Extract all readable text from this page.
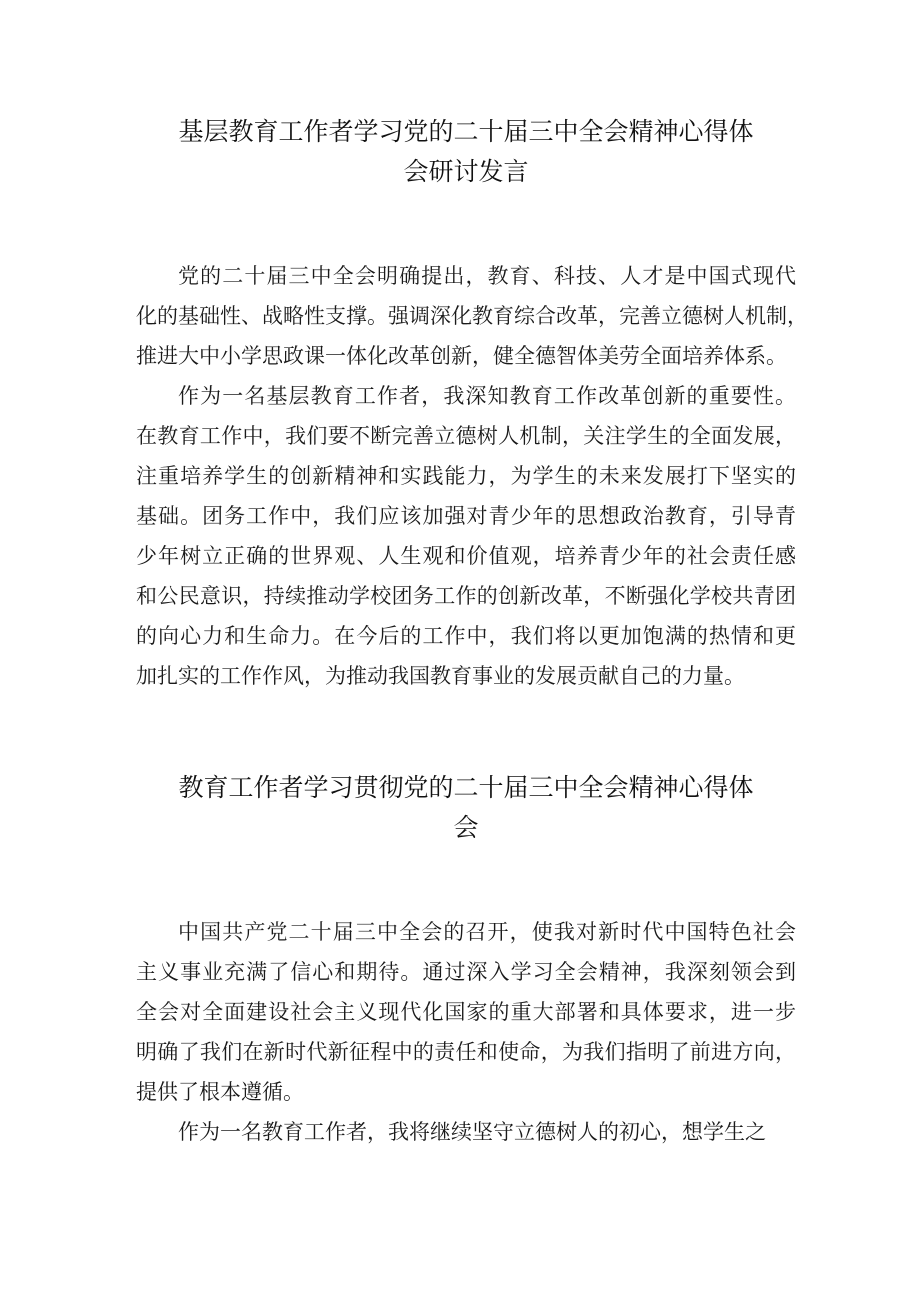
基层教育工作者学习党的二十届三中全会精神心得体
会研讨发言

党的二十届三中全会明确提出，教育、科技、人才是中国式现代
化的基础性、战略性支撑。强调深化教育综合改革，完善立德树人机制，
推进大中小学思政课一体化改革创新，健全德智体美劳全面培养体系。

作为一名基层教育工作者，我深知教育工作改革创新的重要性。
在教育工作中，我们要不断完善立德树人机制，关注学生的全面发展，
注重培养学生的创新精神和实践能力，为学生的未来发展打下坚实的
基础。团务工作中，我们应该加强对青少年的思想政治教育，引导青
少年树立正确的世界观、人生观和价值观，培养青少年的社会责任感
和公民意识，持续推动学校团务工作的创新改革，不断强化学校共青团
的向心力和生命力。在今后的工作中，我们将以更加饱满的热情和更
加扎实的工作作风，为推动我国教育事业的发展贡献自己的力量。

教育工作者学习贯彻党的二十届三中全会精神心得体
会

中国共产党二十届三中全会的召开，使我对新时代中国特色社会
主义事业充满了信心和期待。通过深入学习全会精神，我深刻领会到
全会对全面建设社会主义现代化国家的重大部署和具体要求，进一步
明确了我们在新时代新征程中的责任和使命，为我们指明了前进方向，
提供了根本遵循。

作为一名教育工作者，我将继续坚守立德树人的初心，想学生之
